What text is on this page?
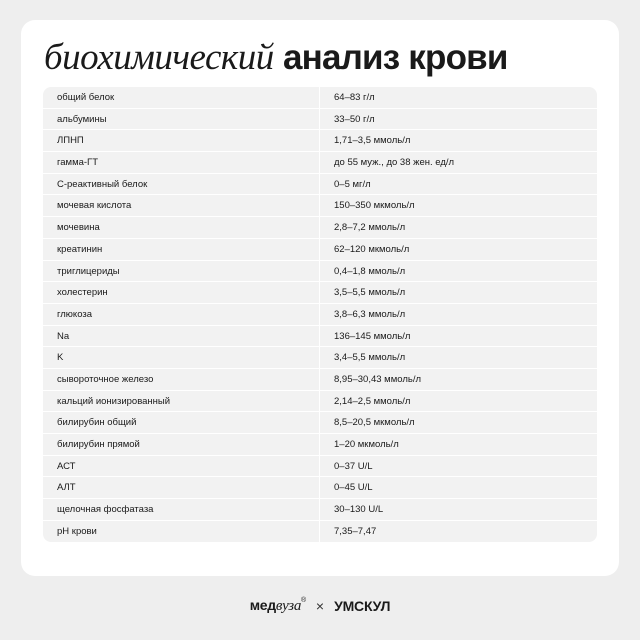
биохимический анализ крови
общий белок	64–83 г/л
альбумины	33–50 г/л
ЛПНП	1,71–3,5 ммоль/л
гамма-ГТ	до 55 муж., до 38 жен. ед/л
С-реактивный белок	0–5 мг/л
мочевая кислота	150–350 мкмоль/л
мочевина	2,8–7,2 ммоль/л
креатинин	62–120 мкмоль/л
триглицериды	0,4–1,8 ммоль/л
холестерин	3,5–5,5 ммоль/л
глюкоза	3,8–6,3 ммоль/л
Na	136–145 ммоль/л
K	3,4–5,5 ммоль/л
сывороточное железо	8,95–30,43 ммоль/л
кальций ионизированный	2,14–2,5 ммоль/л
билирубин общий	8,5–20,5 мкмоль/л
билирубин прямой	1–20 мкмоль/л
АСТ	0–37 U/L
АЛТ	0–45 U/L
щелочная фосфатаза	30–130 U/L
pH крови	7,35–7,47
медвуза® × УМСКУЛ
